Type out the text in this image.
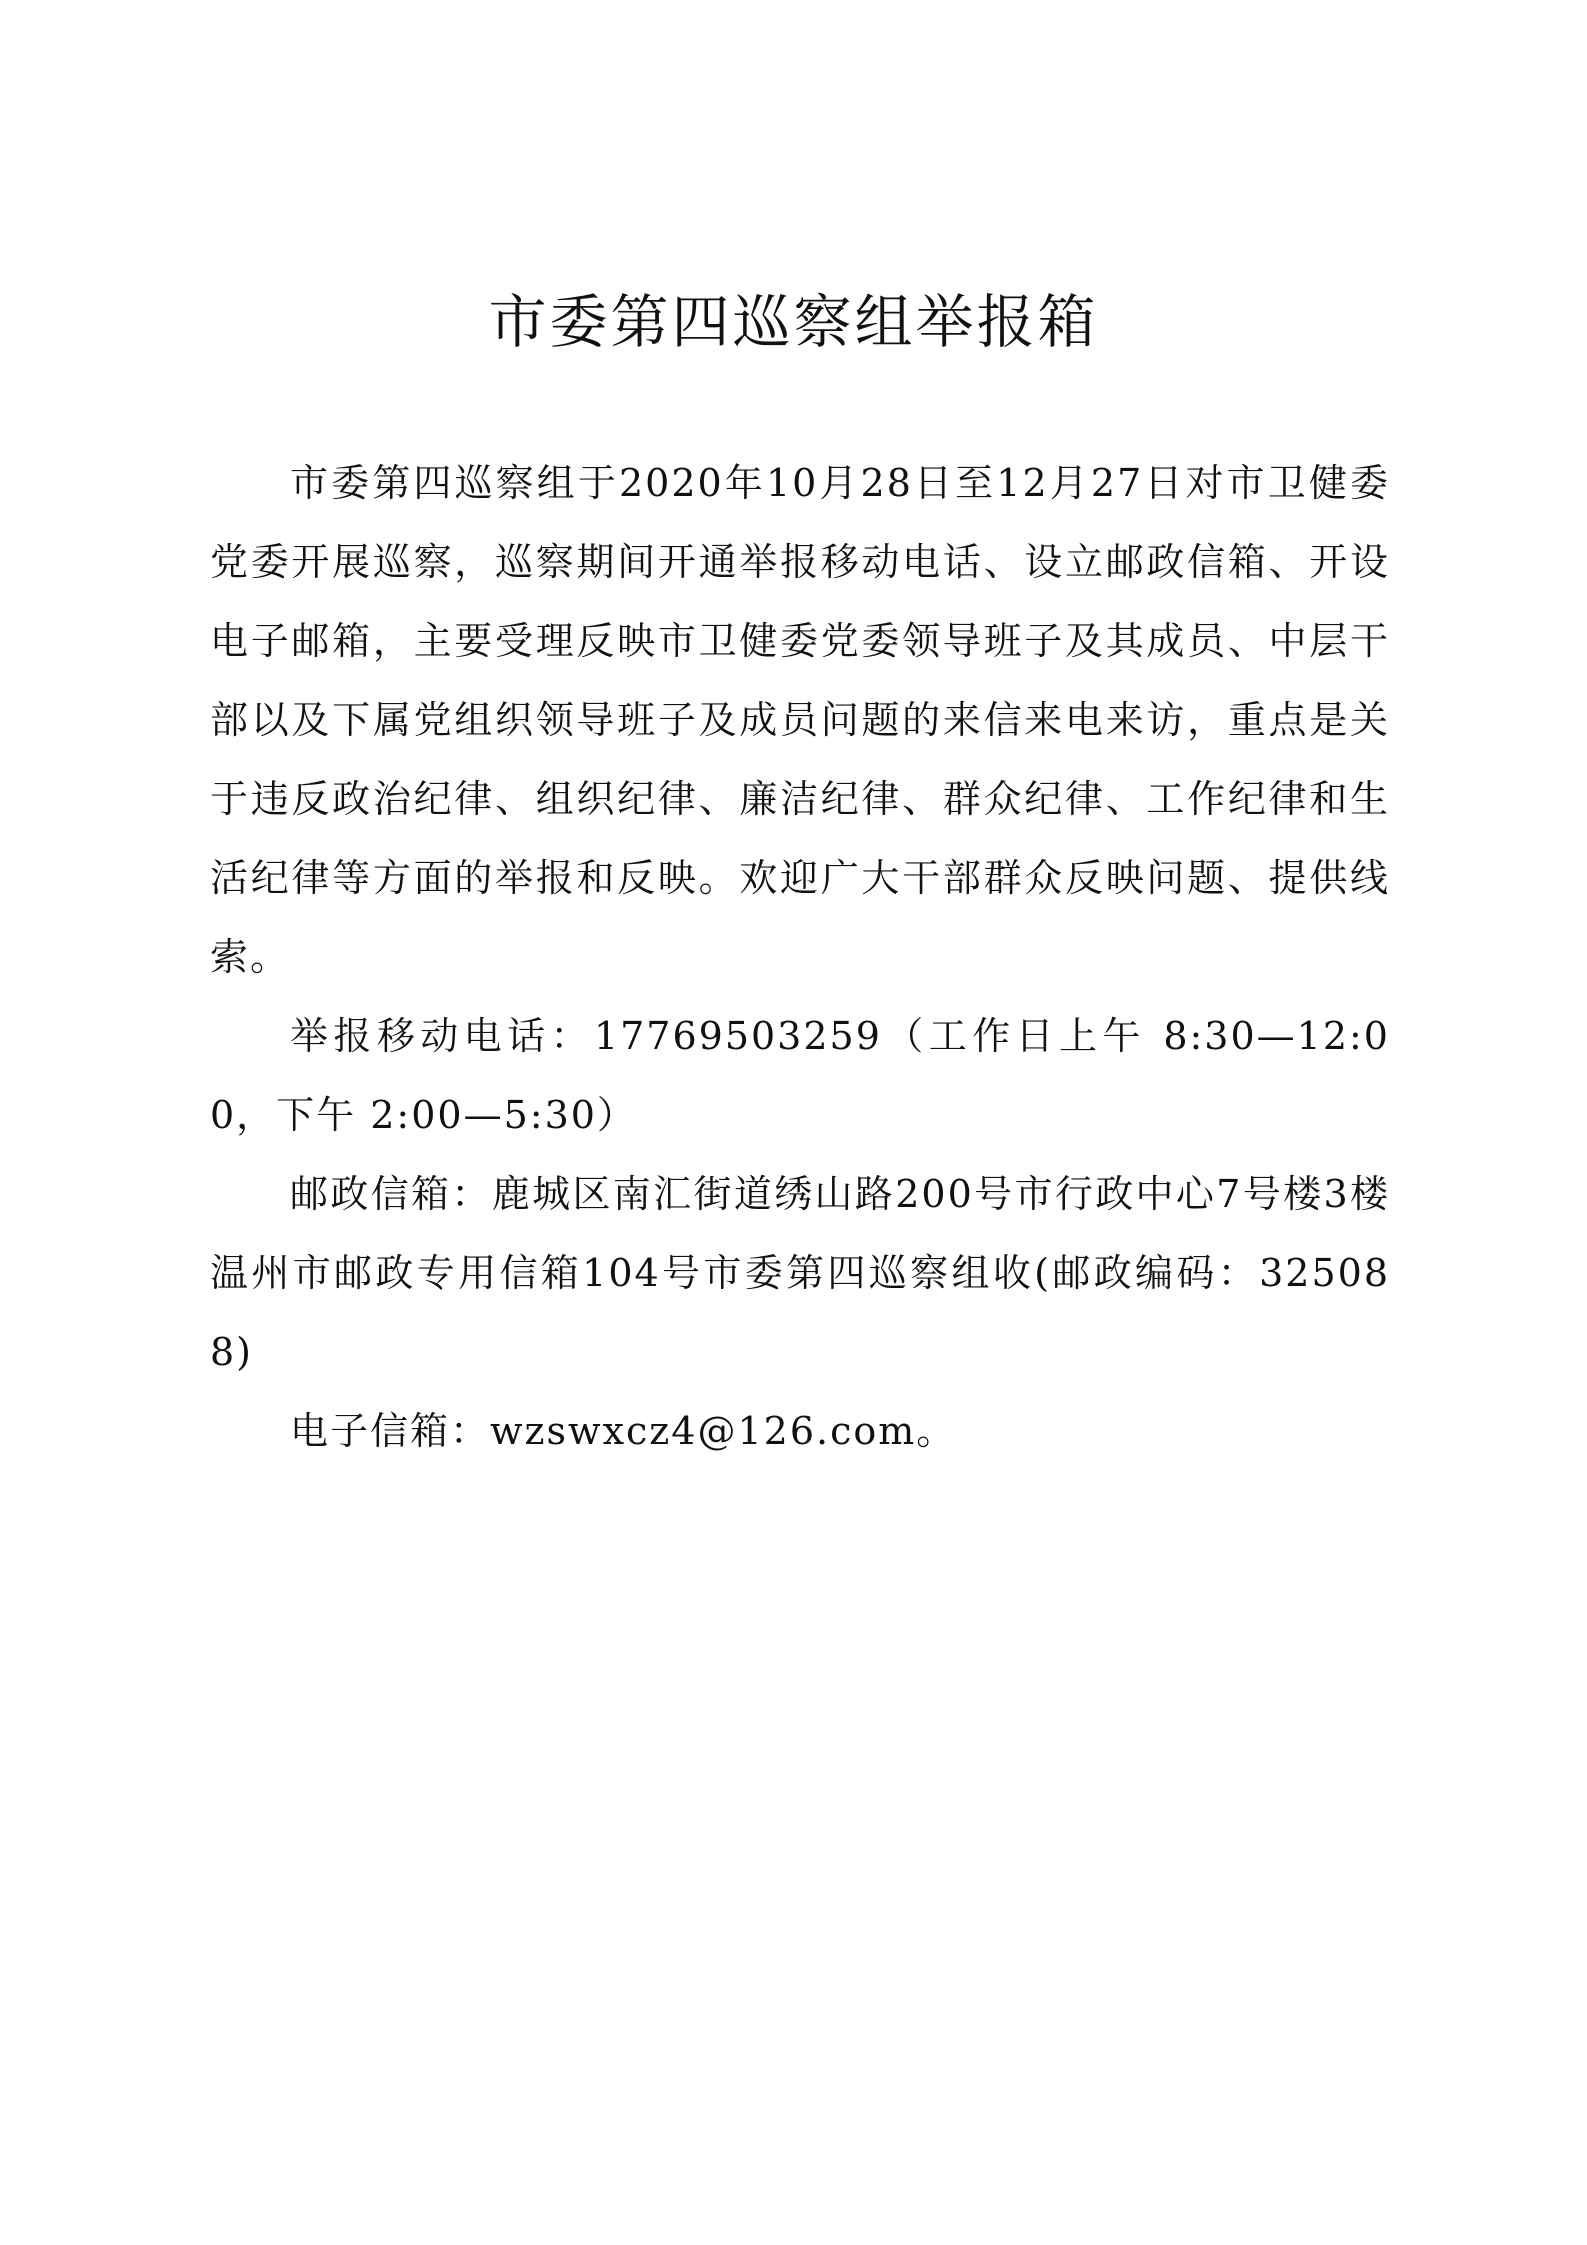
市委第四巡察组举报箱

市委第四巡察组于2020年10月28日至12月27日对市卫健委党委开展巡察，巡察期间开通举报移动电话、设立邮政信箱、开设电子邮箱，主要受理反映市卫健委党委领导班子及其成员、中层干部以及下属党组织领导班子及成员问题的来信来电来访，重点是关于违反政治纪律、组织纪律、廉洁纪律、群众纪律、工作纪律和生活纪律等方面的举报和反映。欢迎广大干部群众反映问题、提供线索。

举报移动电话：17769503259（工作日上午 8:30—12:00，下午 2:00—5:30）

邮政信箱：鹿城区南汇街道绣山路200号市行政中心7号楼3楼温州市邮政专用信箱104号市委第四巡察组收(邮政编码：325088)

电子信箱：wzswxcz4@126.com。
